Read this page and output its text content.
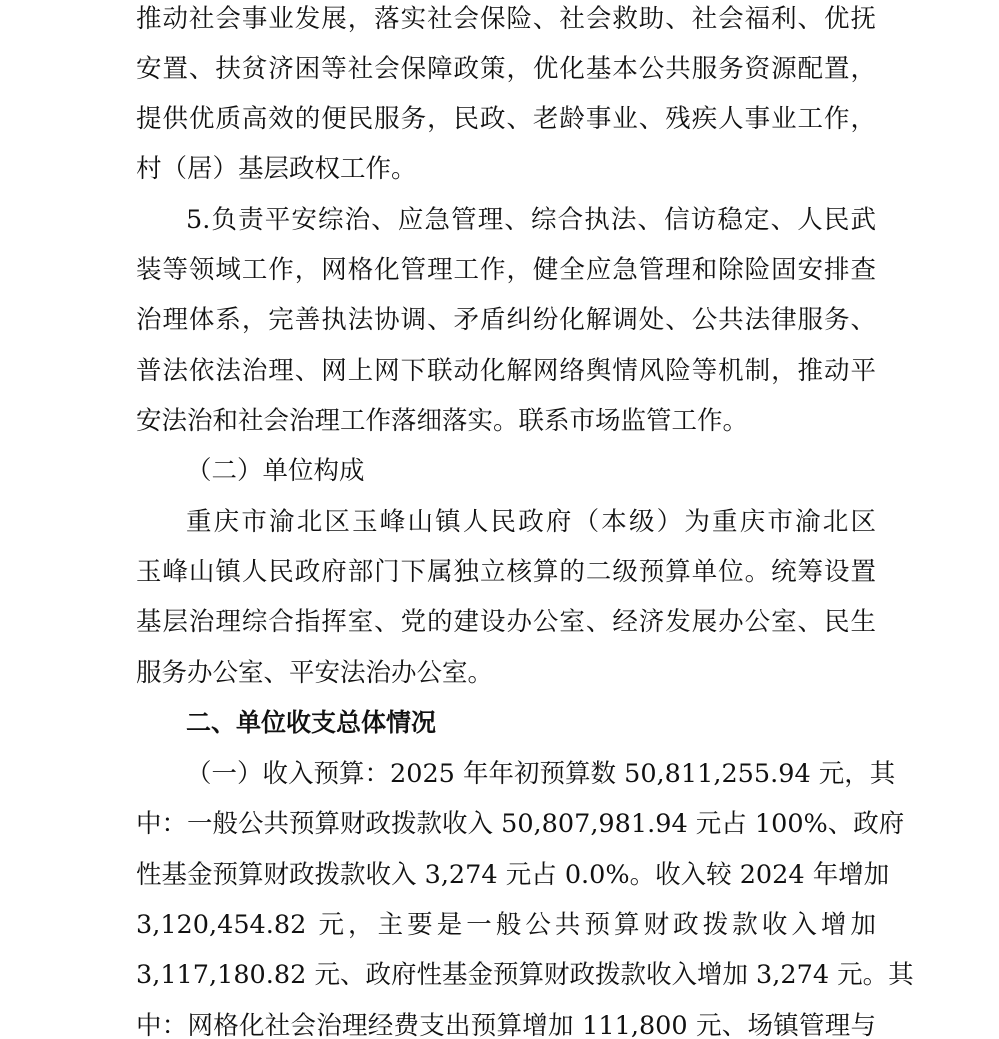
推动社会事业发展，落实社会保险、社会救助、社会福利、优抚
安置、扶贫济困等社会保障政策，优化基本公共服务资源配置，
提供优质高效的便民服务，民政、老龄事业、残疾人事业工作，
村（居）基层政权工作。
5.负责平安综治、应急管理、综合执法、信访稳定、人民武
装等领域工作，网格化管理工作，健全应急管理和除险固安排查
治理体系，完善执法协调、矛盾纠纷化解调处、公共法律服务、
普法依法治理、网上网下联动化解网络舆情风险等机制，推动平
安法治和社会治理工作落细落实。联系市场监管工作。
（二）单位构成
重庆市渝北区玉峰山镇人民政府（本级）为重庆市渝北区
玉峰山镇人民政府部门下属独立核算的二级预算单位。统筹设置
基层治理综合指挥室、党的建设办公室、经济发展办公室、民生
服务办公室、平安法治办公室。
二、单位收支总体情况
（一）收入预算：2025 年年初预算数 50,811,255.94 元，其
中：一般公共预算财政拨款收入 50,807,981.94 元占 100%、政府
性基金预算财政拨款收入 3,274 元占 0.0%。收入较 2024 年增加
3,120,454.82 元，主要是一般公共预算财政拨款收入增加
3,117,180.82 元、政府性基金预算财政拨款收入增加 3,274 元。其
中：网格化社会治理经费支出预算增加 111,800 元、场镇管理与
